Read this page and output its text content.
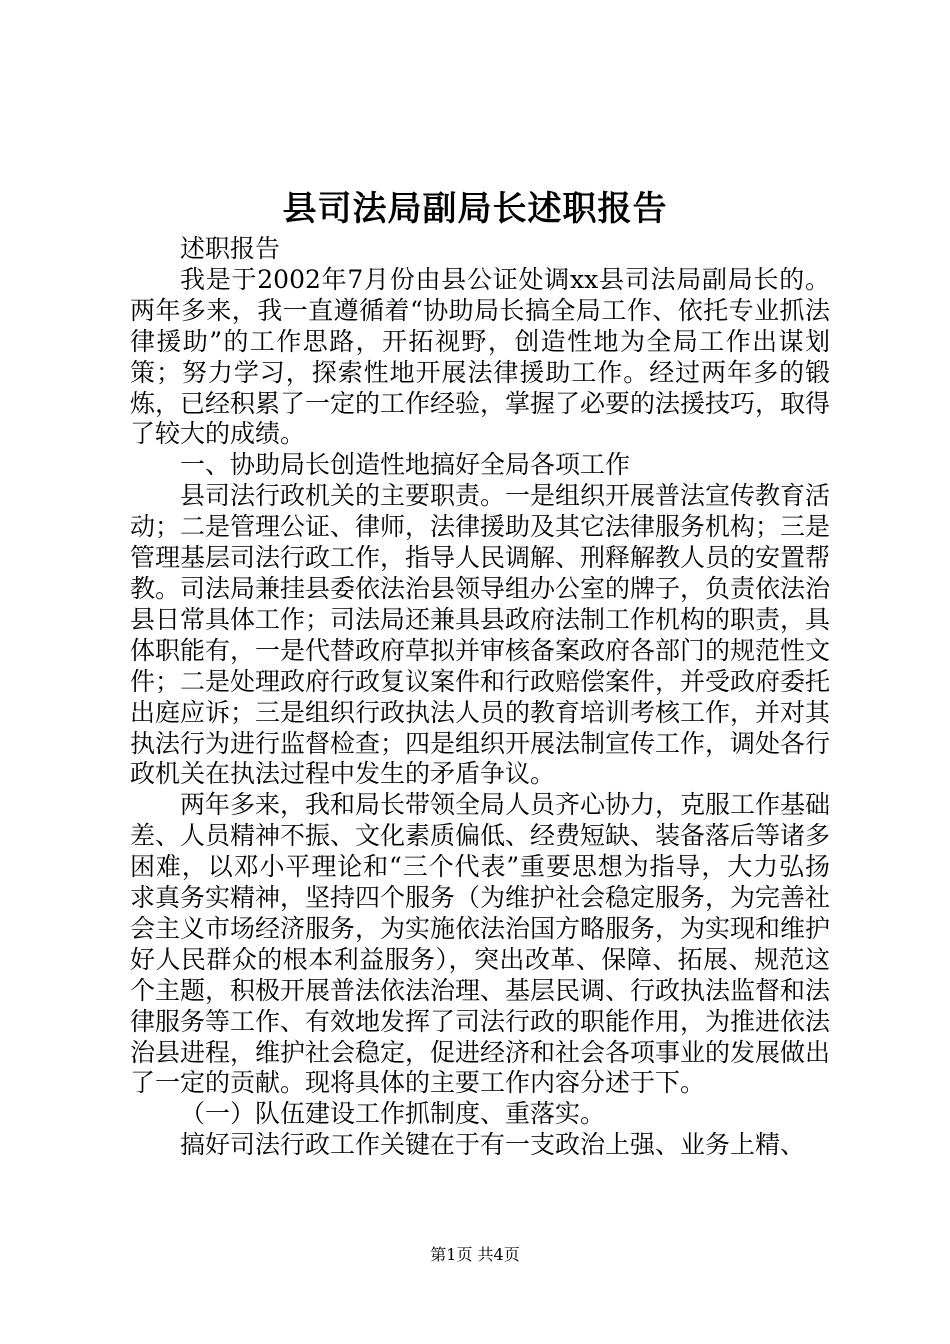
县司法局副局长述职报告

述职报告

我是于2002年7月份由县公证处调xx县司法局副局长的。两年多来，我一直遵循着“协助局长搞全局工作、依托专业抓法律援助”的工作思路，开拓视野，创造性地为全局工作出谋划策；努力学习，探索性地开展法律援助工作。经过两年多的锻炼，已经积累了一定的工作经验，掌握了必要的法援技巧，取得了较大的成绩。

一、协助局长创造性地搞好全局各项工作

县司法行政机关的主要职责。一是组织开展普法宣传教育活动；二是管理公证、律师，法律援助及其它法律服务机构；三是管理基层司法行政工作，指导人民调解、刑释解教人员的安置帮教。司法局兼挂县委依法治县领导组办公室的牌子，负责依法治县日常具体工作；司法局还兼具县政府法制工作机构的职责，具体职能有，一是代替政府草拟并审核备案政府各部门的规范性文件；二是处理政府行政复议案件和行政赔偿案件，并受政府委托出庭应诉；三是组织行政执法人员的教育培训考核工作，并对其执法行为进行监督检查；四是组织开展法制宣传工作，调处各行政机关在执法过程中发生的矛盾争议。

两年多来，我和局长带领全局人员齐心协力，克服工作基础差、人员精神不振、文化素质偏低、经费短缺、装备落后等诸多困难，以邓小平理论和“三个代表”重要思想为指导，大力弘扬求真务实精神，坚持四个服务（为维护社会稳定服务，为完善社会主义市场经济服务，为实施依法治国方略服务，为实现和维护好人民群众的根本利益服务），突出改革、保障、拓展、规范这个主题，积极开展普法依法治理、基层民调、行政执法监督和法律服务等工作、有效地发挥了司法行政的职能作用，为推进依法治县进程，维护社会稳定，促进经济和社会各项事业的发展做出了一定的贡献。现将具体的主要工作内容分述于下。

（一）队伍建设工作抓制度、重落实。

搞好司法行政工作关键在于有一支政治上强、业务上精、

第1页 共4页
